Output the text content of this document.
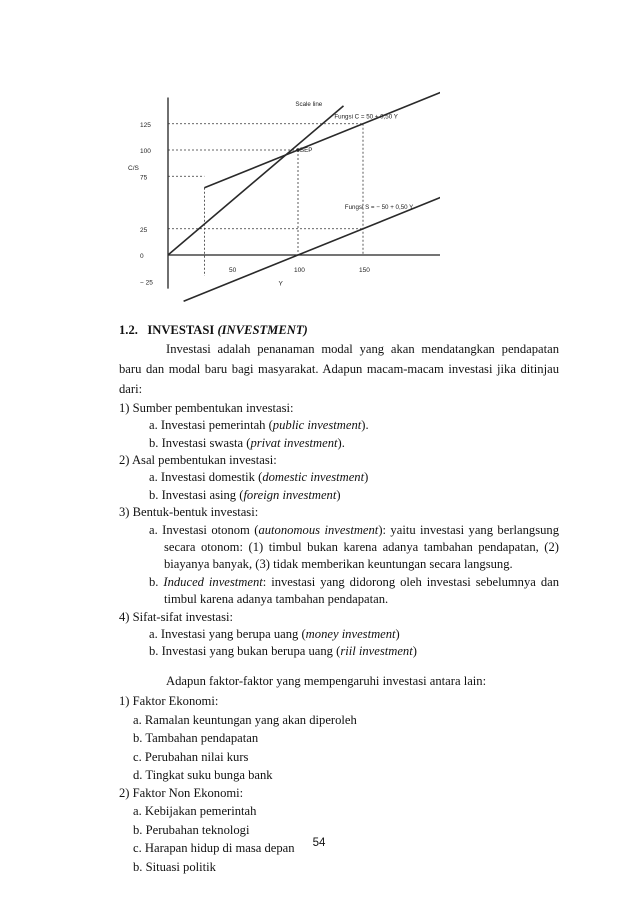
125
100
75
25
0
− 25
C/S
50	100	150
Y
Scale line
Fungsi C = 50 + 0,50 Y
Fungsi S = − 50 + 0,50 Y
BEP
1.2. INVESTASI (INVESTMENT)

Investasi adalah penanaman modal yang akan mendatangkan pendapatan baru dan modal baru bagi masyarakat. Adapun macam-macam investasi jika ditinjau dari:

1) Sumber pembentukan investasi:

a. Investasi pemerintah (public investment).

b. Investasi swasta (privat investment).

2) Asal pembentukan investasi:

a. Investasi domestik (domestic investment)

b. Investasi asing (foreign investment)

3) Bentuk-bentuk investasi:

a. Investasi otonom (autonomous investment): yaitu investasi yang berlangsung secara otonom: (1) timbul bukan karena adanya tambahan pendapatan, (2) biayanya banyak, (3) tidak memberikan keuntungan secara langsung.

b. Induced investment: investasi yang didorong oleh investasi sebelumnya dan timbul karena adanya tambahan pendapatan.

4) Sifat-sifat investasi:

a. Investasi yang berupa uang (money investment)

b. Investasi yang bukan berupa uang (riil investment)

Adapun faktor-faktor yang mempengaruhi investasi antara lain:

1) Faktor Ekonomi:

a. Ramalan keuntungan yang akan diperoleh

b. Tambahan pendapatan

c. Perubahan nilai kurs

d. Tingkat suku bunga bank

2) Faktor Non Ekonomi:

a. Kebijakan pemerintah

b. Perubahan teknologi

c. Harapan hidup di masa depan

b. Situasi politik

54
